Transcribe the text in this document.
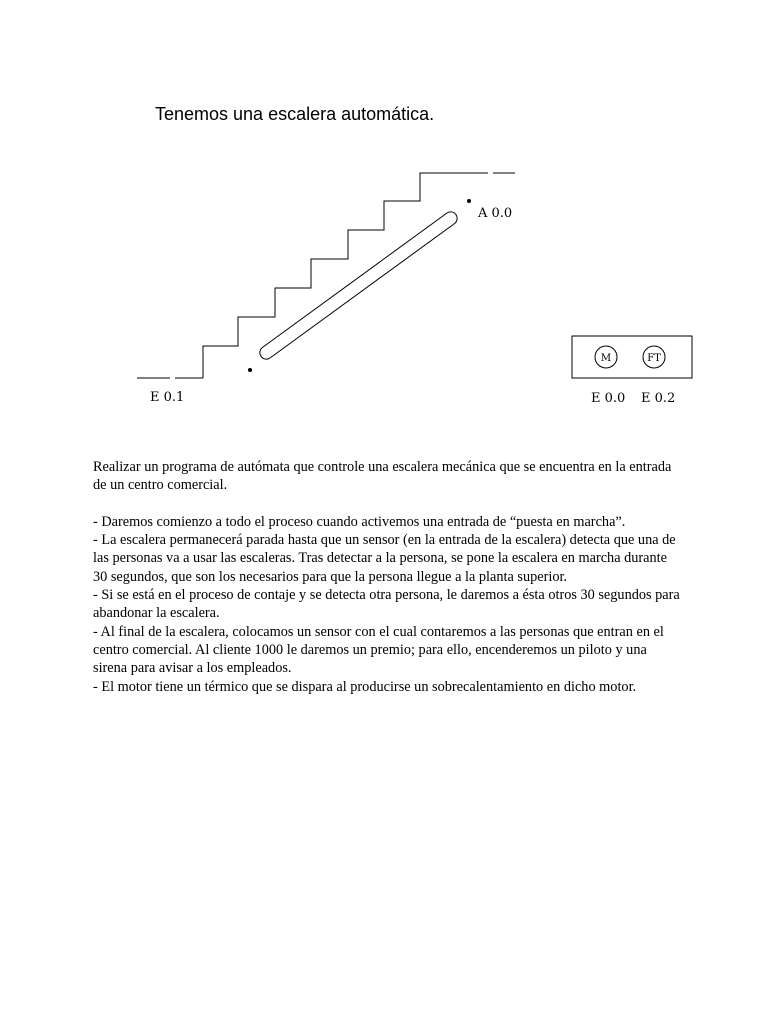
Tenemos una escalera automática.
M	FT
A 0.0
E 0.1	E 0.0 E 0.2

Realizar un programa de autómata que controle una escalera mecánica que se encuentra en la entrada de un centro comercial.

- Daremos comienzo a todo el proceso cuando activemos una entrada de “puesta en marcha”.

- La escalera permanecerá parada hasta que un sensor (en la entrada de la escalera) detecta que una de las personas va a usar las escaleras. Tras detectar a la persona, se pone la escalera en marcha durante 30 segundos, que son los necesarios para que la persona llegue a la planta superior.

- Si se está en el proceso de contaje y se detecta otra persona, le daremos a ésta otros 30 segundos para abandonar la escalera.

- Al final de la escalera, colocamos un sensor con el cual contaremos a las personas que entran en el centro comercial. Al cliente 1000 le daremos un premio; para ello, encenderemos un piloto y una sirena para avisar a los empleados.

- El motor tiene un térmico que se dispara al producirse un sobrecalentamiento en dicho motor.
